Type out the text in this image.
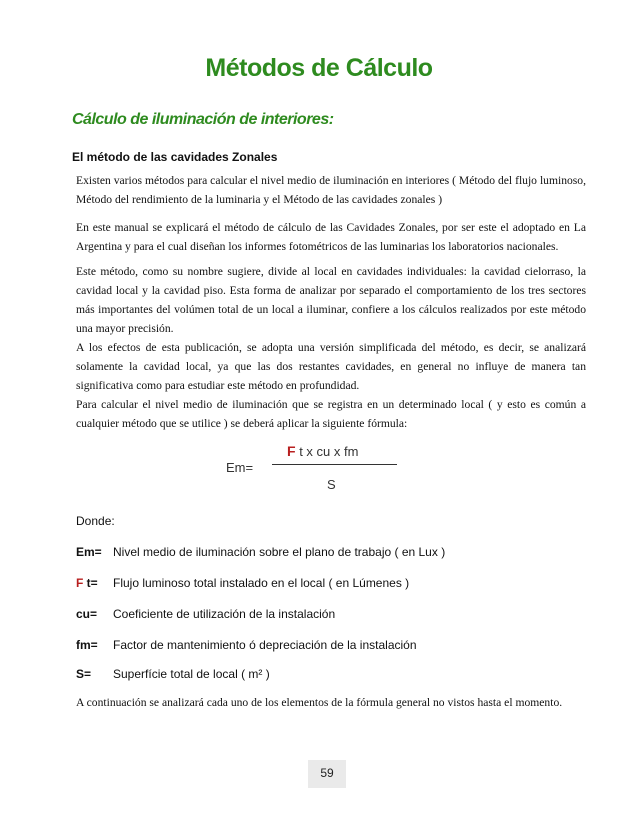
Métodos de Cálculo
Cálculo de iluminación de interiores:
El método de las cavidades Zonales

Existen varios métodos para calcular el nivel medio de iluminación en interiores ( Método del flujo luminoso, Método del rendimiento de la luminaria y el Método de las cavidades zonales )

En este manual se explicará el método de cálculo de las Cavidades Zonales, por ser este el adoptado en La Argentina y para el cual diseñan los informes fotométricos de las luminarias los laboratorios nacionales.

Este método, como su nombre sugiere, divide al local en cavidades individuales: la cavidad cielorraso, la cavidad local y la cavidad piso. Esta forma de analizar por separado el comportamiento de los tres sectores más importantes del volúmen total de un local a iluminar, confiere a los cálculos realizados por este método una mayor precisión.

A los efectos de esta publicación, se adopta una versión simplificada del método, es decir, se analizará solamente la cavidad local, ya que las dos restantes cavidades, en general no influye de manera tan significativa como para estudiar este método en profundidad.

Para calcular el nivel medio de iluminación que se registra en un determinado local ( y esto es común a cualquier método que se utilice ) se deberá aplicar la siguiente fórmula:

F t x cu x fm
Em=
S
Donde:
Em= Nivel medio de iluminación sobre el plano de trabajo ( en Lux )
F t= Flujo luminoso total instalado en el local ( en Lúmenes )
cu= Coeficiente de utilización de la instalación
fm= Factor de mantenimiento ó depreciación de la instalación
S= Superfície total de local ( m² )

A continuación se analizará cada uno de los elementos de la fórmula general no vistos hasta el momento.

59
